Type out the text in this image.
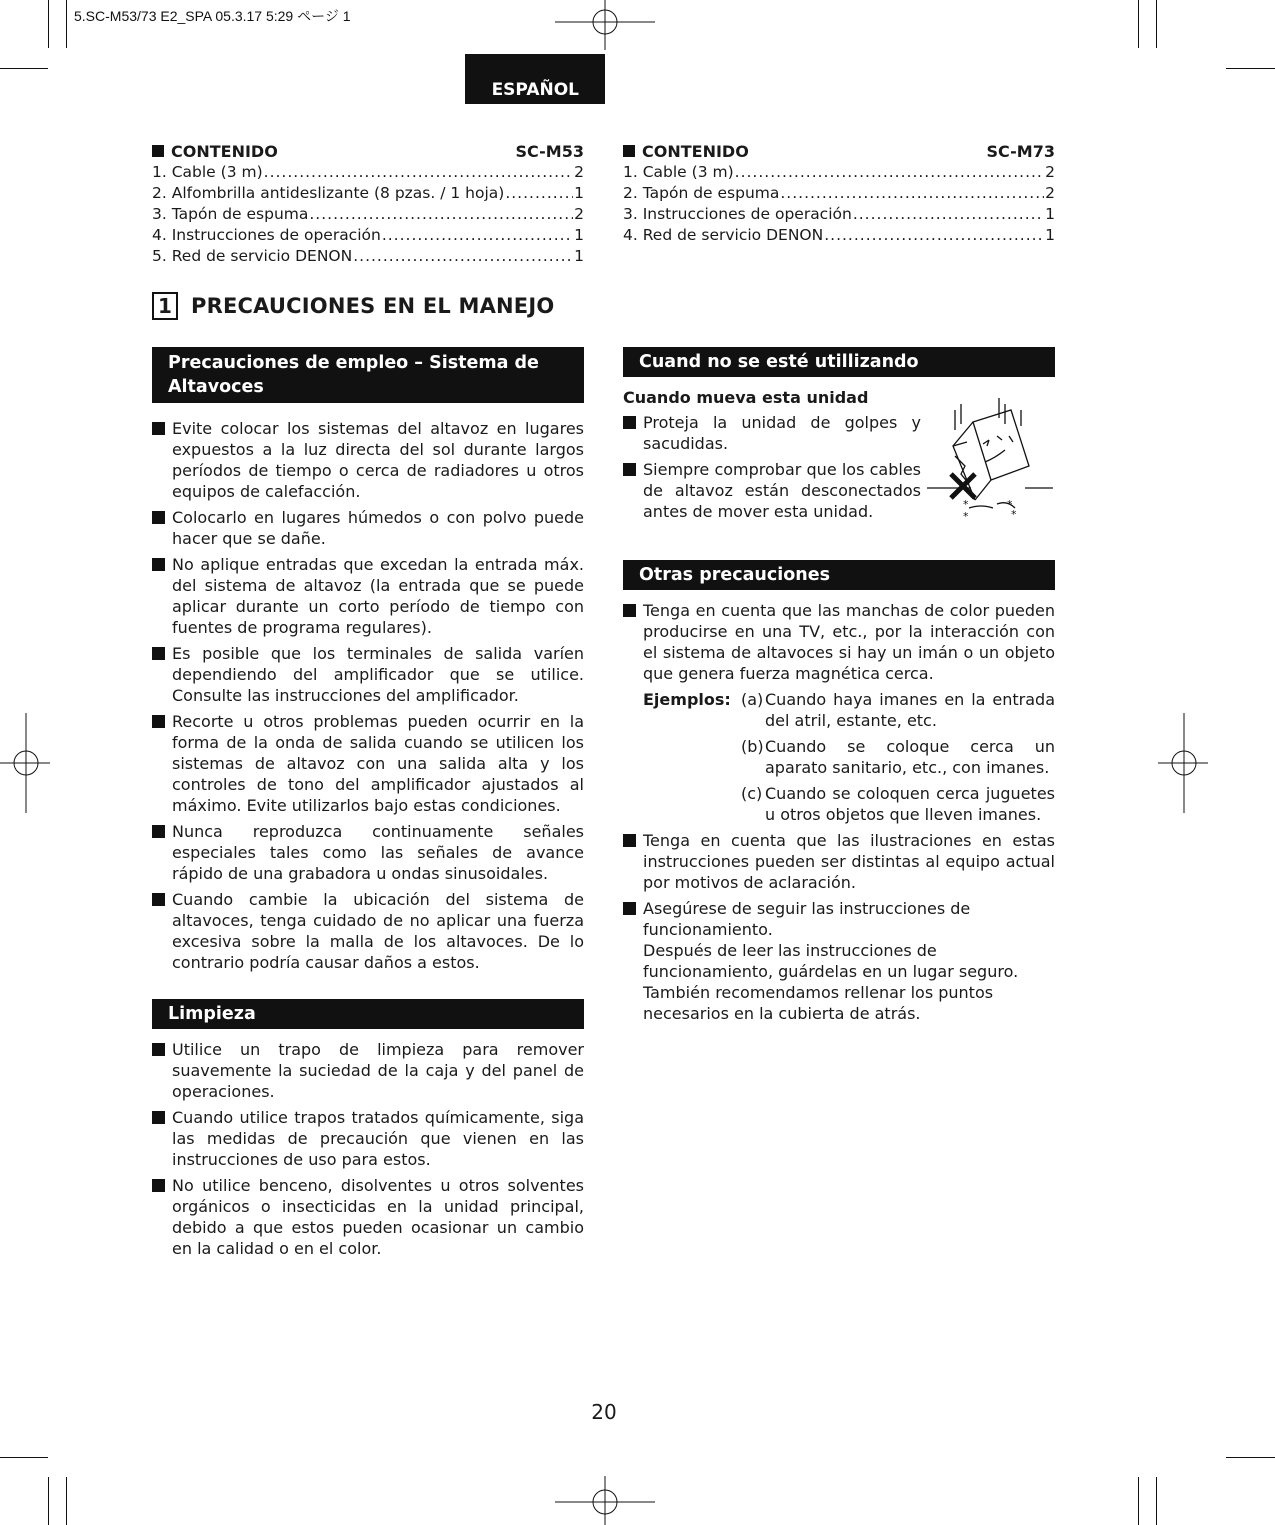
5.SC-M53/73 E2_SPA 05.3.17 5:29 ページ 1
ESPAÑOL
CONTENIDO	SC-M53
1. Cable (3 m) .....	2
2. Alfombrilla antideslizante (8 pzas. / 1 hoja) .....	1
3. Tapón de espuma .....	2
4. Instrucciones de operación .....	1
5. Red de servicio DENON .....	1
CONTENIDO	SC-M73
1. Cable (3 m) .....	2
2. Tapón de espuma .....	2
3. Instrucciones de operación .....	1
4. Red de servicio DENON .....	1
1 PRECAUCIONES EN EL MANEJO
Precauciones de empleo – Sistema de Altavoces
Evite colocar los sistemas del altavoz en lugares expuestos a la luz directa del sol durante largos períodos de tiempo o cerca de radiadores u otros equipos de calefacción.
Colocarlo en lugares húmedos o con polvo puede hacer que se dañe.
No aplique entradas que excedan la entrada máx. del sistema de altavoz (la entrada que se puede aplicar durante un corto período de tiempo con fuentes de programa regulares).
Es posible que los terminales de salida varíen dependiendo del amplificador que se utilice. Consulte las instrucciones del amplificador.
Recorte u otros problemas pueden ocurrir en la forma de la onda de salida cuando se utilicen los sistemas de altavoz con una salida alta y los controles de tono del amplificador ajustados al máximo. Evite utilizarlos bajo estas condiciones.
Nunca reproduzca continuamente señales especiales tales como las señales de avance rápido de una grabadora u ondas sinusoidales.
Cuando cambie la ubicación del sistema de altavoces, tenga cuidado de no aplicar una fuerza excesiva sobre la malla de los altavoces. De lo contrario podría causar daños a estos.
Limpieza
Utilice un trapo de limpieza para remover suavemente la suciedad de la caja y del panel de operaciones.
Cuando utilice trapos tratados químicamente, siga las medidas de precaución que vienen en las instrucciones de uso para estos.
No utilice benceno, disolventes u otros solventes orgánicos o insecticidas en la unidad principal, debido a que estos pueden ocasionar un cambio en la calidad o en el color.
Cuand no se esté utillizando
Cuando mueva esta unidad
Proteja la unidad de golpes y sacudidas.
Siempre comprobar que los cables de altavoz están desconectados antes de mover esta unidad.	*
*
*
*
Otras precauciones
Tenga en cuenta que las manchas de color pueden producirse en una TV, etc., por la interacción con el sistema de altavoces si hay un imán o un objeto que genera fuerza magnética cerca.
Ejemplos: (a) Cuando haya imanes en la entrada del atril, estante, etc.
(b) Cuando se coloque cerca un aparato sanitario, etc., con imanes.
(c) Cuando se coloquen cerca juguetes u otros objetos que lleven imanes.
Tenga en cuenta que las ilustraciones en estas instrucciones pueden ser distintas al equipo actual por motivos de aclaración.
Asegúrese de seguir las instrucciones de
funcionamiento.
Después de leer las instrucciones de
funcionamiento, guárdelas en un lugar seguro.
También recomendamos rellenar los puntos
necesarios en la cubierta de atrás.
20
